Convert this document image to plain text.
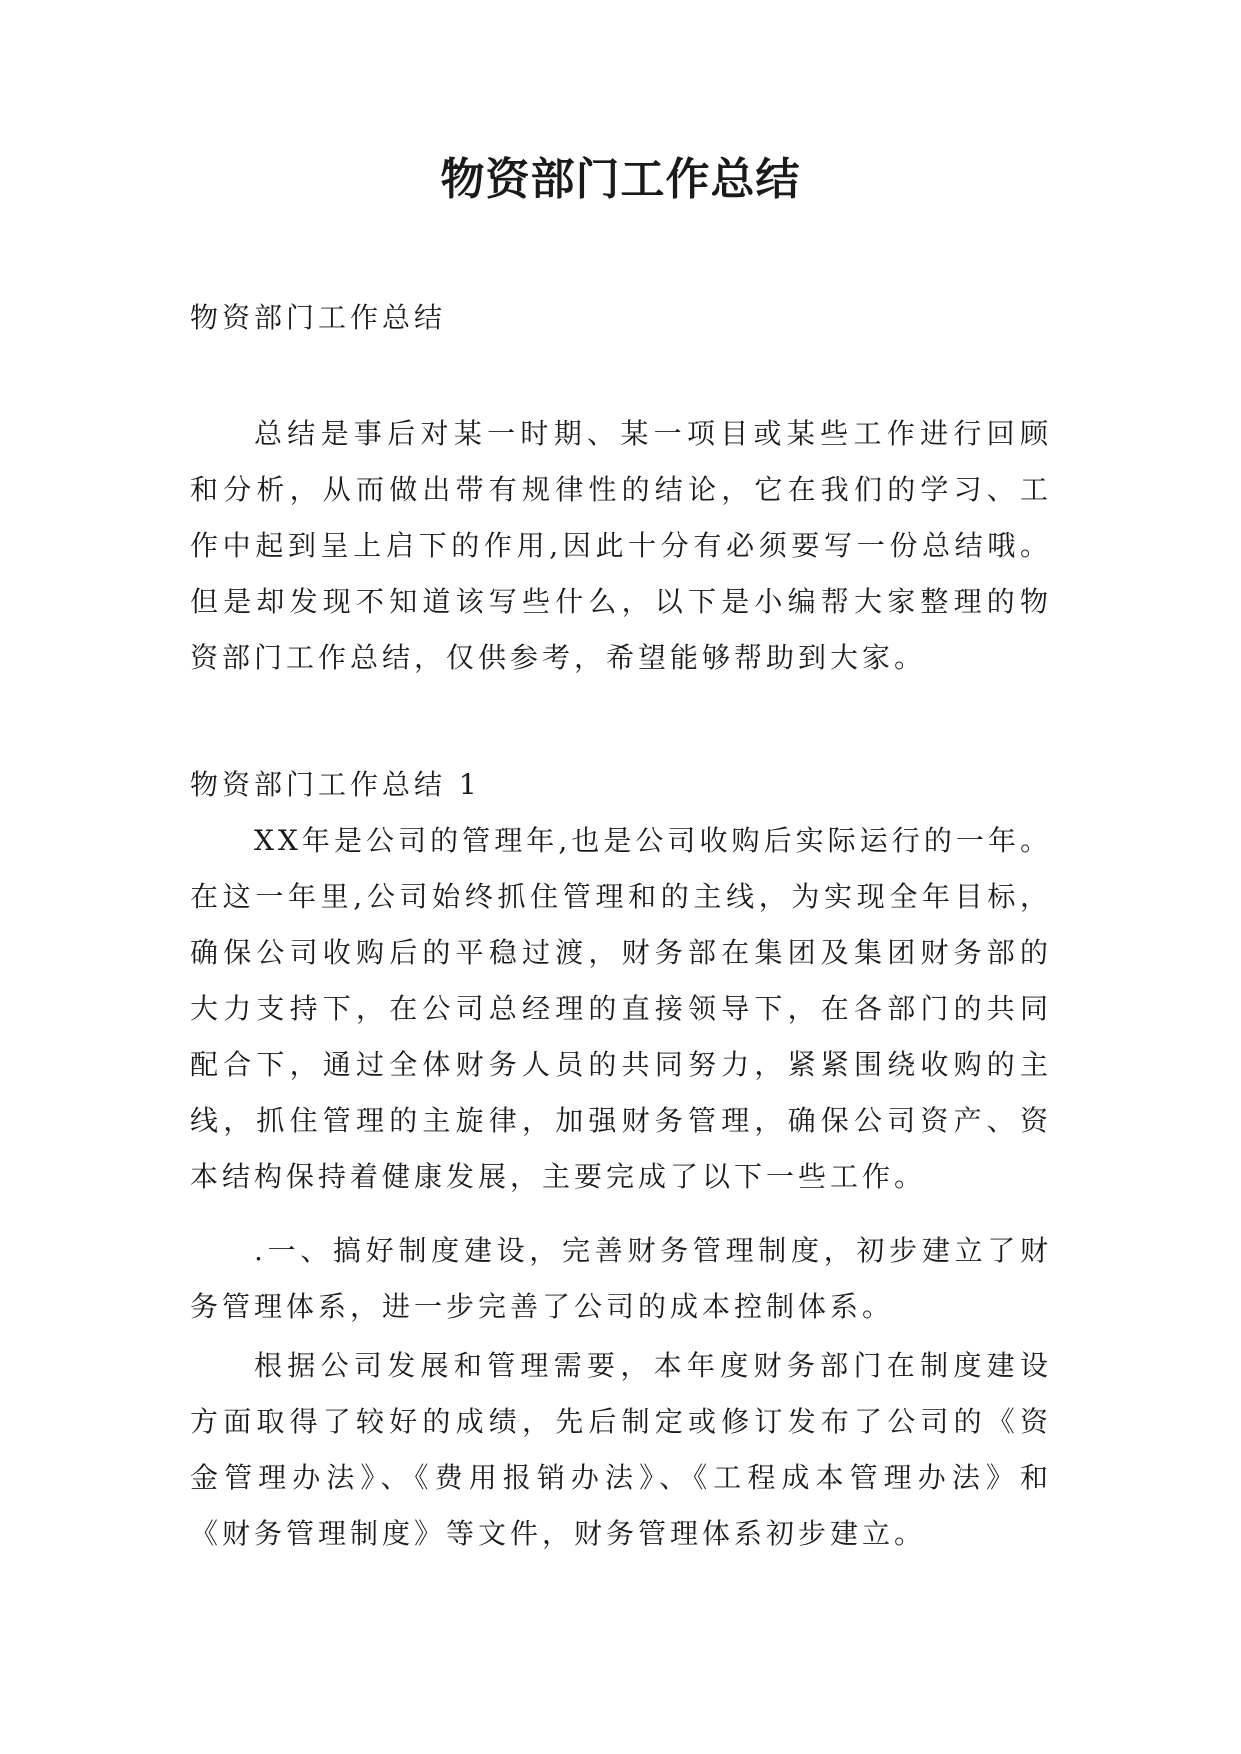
物资部门工作总结

物资部门工作总结

总结是事后对某一时期、某一项目或某些工作进行回顾和分析，从而做出带有规律性的结论，它在我们的学习、工作中起到呈上启下的作用,因此十分有必须要写一份总结哦。但是却发现不知道该写些什么，以下是小编帮大家整理的物资部门工作总结，仅供参考，希望能够帮助到大家。

物资部门工作总结 1

XX年是公司的管理年,也是公司收购后实际运行的一年。在这一年里,公司始终抓住管理和的主线，为实现全年目标，确保公司收购后的平稳过渡，财务部在集团及集团财务部的大力支持下，在公司总经理的直接领导下，在各部门的共同配合下，通过全体财务人员的共同努力，紧紧围绕收购的主线，抓住管理的主旋律，加强财务管理，确保公司资产、资本结构保持着健康发展，主要完成了以下一些工作。

.一、搞好制度建设，完善财务管理制度，初步建立了财务管理体系，进一步完善了公司的成本控制体系。

根据公司发展和管理需要，本年度财务部门在制度建设方面取得了较好的成绩，先后制定或修订发布了公司的《资金管理办法》、《费用报销办法》、《工程成本管理办法》和《财务管理制度》等文件，财务管理体系初步建立。
